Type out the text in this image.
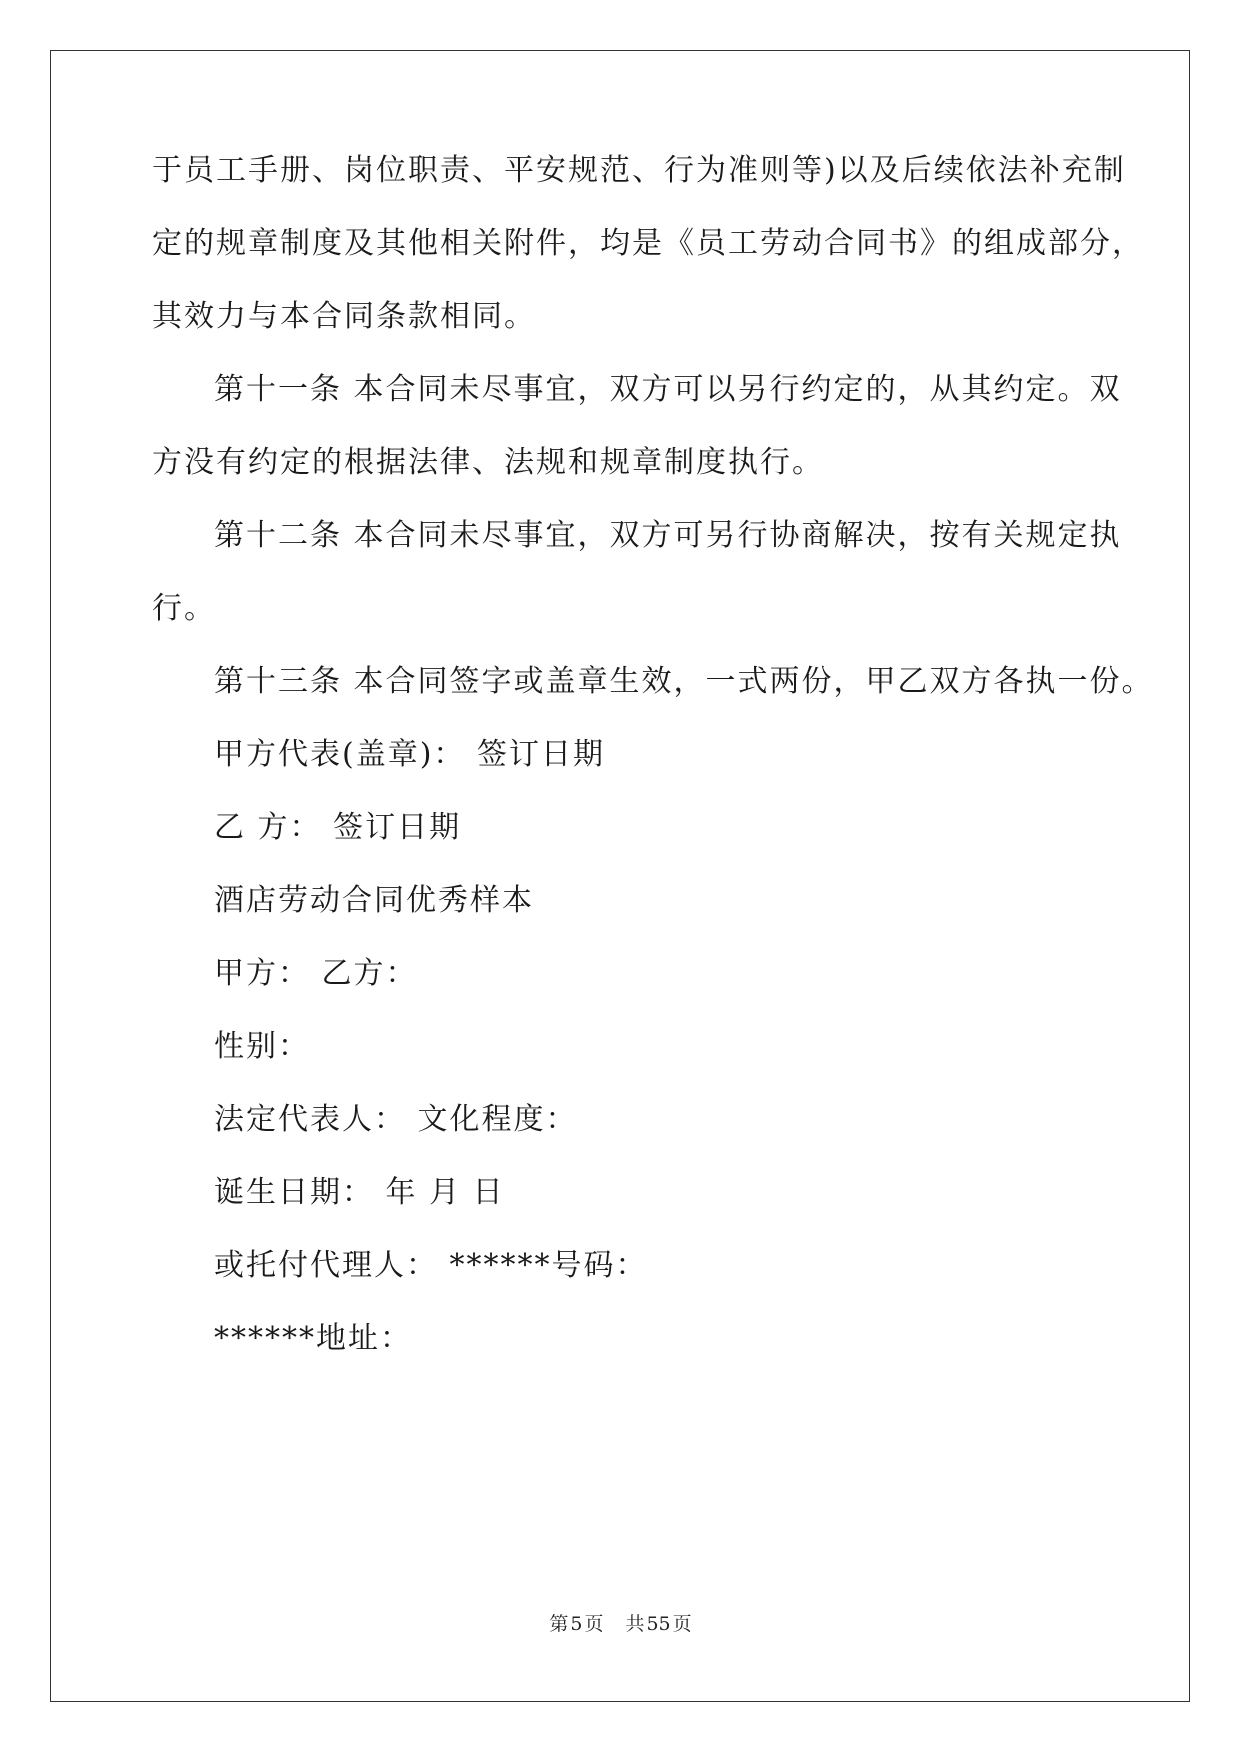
于员工手册、岗位职责、平安规范、行为准则等)以及后续依法补充制
定的规章制度及其他相关附件，均是《员工劳动合同书》的组成部分，
其效力与本合同条款相同。
第十一条 本合同未尽事宜，双方可以另行约定的，从其约定。双
方没有约定的根据法律、法规和规章制度执行。
第十二条 本合同未尽事宜，双方可另行协商解决，按有关规定执
行。
第十三条 本合同签字或盖章生效，一式两份，甲乙双方各执一份。
甲方代表(盖章)： 签订日期
乙 方： 签订日期
酒店劳动合同优秀样本
甲方： 乙方：
性别：
法定代表人： 文化程度：
诞生日期： 年 月 日
或托付代理人： ******号码：
******地址：
第 5 页 共 55 页
